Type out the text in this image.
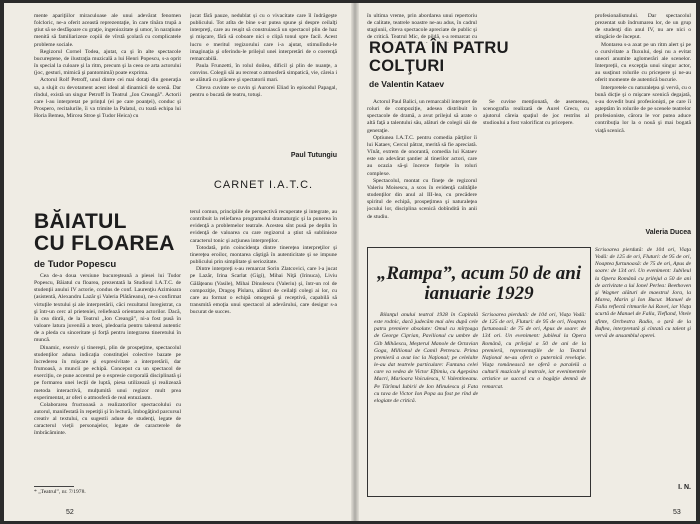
mente apariţiilor miraculoase ale unui adevărat fenomen folcloric, ne-a oferit această reprezentaţie, în care tînăra trupă a ştiut să se desfăşoare cu graţie, ingeniozitate şi umor, în narațiune menită să familiarizeze copiii de vîrstă şcolară cu complicatele probleme sociale.

Regizorul Cornel Todea, ajutat, ca şi în alte spectacole bucureştene, de ilustraţia muzicală a lui Henri Popescu, s-a oprit în special la culoare şi la ritm, precum şi la ceea ce arta actorului (joc, gesturi, mimică şi pantomimă) poate exprima.

Actorul Rolf Petroff, unul dintre cei mai dotaţi din generaţia sa, a slujit cu devotament acest ideal al dinamicii de scenă. Dar rîndul, există un singur Petroff în Teatrul „Ion Creangă”. Actorii care l-au interpretat pe prinţul (ei pe care poanţei), conduc şi Prospero, recitalurile, îi va trimite la Palatul, cu toată echipa lui Horia Bemea, Mircea Stroe şi Tudor Heica) cu

jucat fără pauze, nedublat și cu o vivacitate care îl îndrăgeşte publicului. Tot atîta de bine s-ar putea spune şi despre ceilalţi interpreţi, care au reuşit să construiască un spectacol plin de haz şi mişcare, fără să coboare nici o clipă tonul spre facil. Acest lucru e meritul regizorului care i-a ajutat, stimulîndu-le imaginaţia şi oferindu-le prilejul unei interpretări de o coerenţă remarcabilă.

Paula Frunzetti, în rolul doilea, dificil şi plin de nuanţe, a convins. Colegii săi au recreat o atmosferă simpatică, vie, căreia i se alătură cu plăcere şi spectatorii mari.

Cîteva cuvinte se cuvin şi Aurorei Eliad în episodul Papagal, pentru o bucată de teatru, totuşi.

Paul Tutungiu

CARNET I.A.T.C.

BĂIATUL

CU FLOAREA

de Tudor Popescu

Cea de-a doua versiune bucureşteană a piesei lui Tudor Popescu, Băiatul cu floarea, prezentată la Studioul I.A.T.C. de studenţii anului IV actorie, condus de conf. Laurenţiu Azimioara (asistentă, Alexandru Lazăr şi Valeria Plătăreanu), ne-a confirmat virtuţile textului şi ale interpretării, căci rezultatul înregistrat, ca şi într-un cerc al prieteniei, reliefează orientarea actorilor. Dacă, în cea dintîi, de la Teatrul „Ion Creangă”, ni-a fost pusă în valoare latura juvenilă a tezei, pledoaria pentru talentul autentic de a pleda cu sinceritate şi forţă pentru integrarea tineretului în muncă.

Dinamic, exersiv şi tinereşti, plin de prospeţime, spectacolul studenţilor aduna indicaţia constituţiei colective bazate pe încrederea în mişcare şi expresivitate a interpretării, dar frumoasă, a muncii pe echipă. Conceput ca un spectacol de exerciţiu, ce pune accentul pe o expresie corporală disciplinată şi pe formarea unei lecţii de luptă, piesa utilizează şi realizează metoda interactivă, mulţumită unui regizor mult prea experimentat, ar oferi o atmosferă de real entuziasm.

Colaborarea fructuoasă a realizatorilor spectacolului cu autorul, manifestată în repetiţii şi în lectură, îmbogăţind parcursul creativ al textului, cu sugestii aduse de studenţi, legate de caracterul vieţii personajelor, legate de caracterele de îmbrăcăminte.

* „Teatrul”, nr. 7/1978.

terul comun, principiile de perspectivă recuperate şi integrate, au contribuit la reliefarea programului dramaturgic şi la punerea în evidenţă a problemelor teatrale. Acestea sînt pusă pe deplin în evidenţă de valoarea cu care regizorul a ştiut să sublinieze caracterul tonic şi acţiunea interpreţilor.

Totodată, prin coincidenţa dintre tinereţea interpreţilor şi tinereţea eroilor, montarea câştigă în autenticitate şi se impune publicului prin simplitate şi seriozitate.

Dintre interpreţi s-au remarcat Sorin Zlatcovici, care l-a jucat pe Lazăr, Irina Scarlat (Gigi), Mihai Niţă (Irinuca), Liviu Gălăţeanu (Vasile), Mihai Dinulescu (Valeriu) şi, într-un rol de compoziţie, Dragoş Pîslaru, alături de ceilalţi colegi ai lor, cu care au format o echipă omogenă şi receptivă, capabilă să transmită emoţia unui spectacol al adevărului, care desigur s-a bucurat de succes.

52

în ultima vreme, prin abordarea unui repertoriu de calitate, teatrele noastre ne-au adus, în cadrul stagiunii, cîteva spectacole apreciate de public şi de critică. Teatrul Mic, de pildă, s-a remarcat cu

ROATA ÎN PATRU

COLŢURI

de Valentin Kataev

Actorul Paul Balici, un remarcabil interpret de roluri de compoziţie, adesea distribuit în spectacole de dramă, a avut prilejul să arate o altă faţă a talentului său, alături de colegii săi de generaţie.

Optiunea I.A.T.C. pentru comedia părţilor îi lui Kataev, Cercul pătrat, merită să fie apreciată. Vînăt, extrem de onorantă, comedia lui Kataev este un adevărat şantier al tinerilor actori, care au ocazia să-şi încerce forţele în roluri complexe.

Spectacolul, montat cu fineţe de regizorul Valeriu Moisescu, a scos în evidenţă calităţile studenţilor din anul al III-lea, cu precădere spiritul de echipă, prospeţimea şi naturaleţea jocului lor, disciplina scenică dobîndită în anii de studiu.

Se cuvine menţionată, de asemenea, scenografia realizată de Aurel Grecu, cu ajutorul căreia spaţiul de joc restrîns al studioului a fost valorificat cu pricepere.

profesionalismului. Dar spectacolul prezentat sub îndrumarea lor, de un grup de studenţi din anul IV, nu are nici o stîngăcie de început.

Montarea s-a axat pe un ritm alert şi pe o cursivitate a fluxului, deşi nu a evitat uneori anumite aglomerări ale scenelor. Interpreţii, cu excepţia unui singur actor, au susţinut rolurile cu pricepere şi ne-au oferit momente de autentică bucurie.

Interpretele cu naturaleţea şi vervă, cu o bună dicţie şi o mişcare scenică degajată, s-au dovedit buni profesionişti, pe care îi aşteptăm în rolurile de pe scenele teatrelor profesioniste, cărora le vor putea aduce contribuţia lor la o nouă şi mai bogată viaţă scenică.

Valeria Ducea

„Rampa”, acum 50 de ani

ianuarie 1929

Bilanţul anului teatral 1928 în Capitală este rodnic, dacă judecăm mai ales după cele patru premiere absolute: Omul cu mîrţoaga de George Ciprian, Pavilionul cu umbre de Gib Mihăescu, Meşterul Manole de Octavian Goga, Millionul de Camil Petrescu. Prima premieră a avut loc la Naţional; pe celelalte le-au dat teatrele particulare: Fantana celei care va vedea de Victor Eftimiu, cu Agepsina Macri, Marioara Voiculescu, V. Valentineanu. Pe Tărîmul Iubirii de Ion Minulescu şi Fata cu tava de Victor Ion Popa au fost pe rînd de elogiate de critică.

Scrisoarea pierdută: de 104 ori, Viaţa Vodă: de 125 de ori, Fluturi: de 95 de ori, Noaptea furtunoasă: de 75 de ori, Apus de soare: de 134 ori. Un eveniment: jubileul la Opera Română, cu prilejul a 50 de ani de la premieră, reprezentaţiile de la Teatrul Naţional ne-au oferit o puternică revelaţie. Viaţa românească ne oferă o paralelă a culturii muzicale şi teatrale, iar evenimentele artistice se succed cu o bogăţie demnă de remarcat.

Scrisoarea pierdută: de 104 ori, Viaţa Vodă: de 125 de ori, Fluturi: de 95 de ori, Noaptea furtunoasă: de 75 de ori, Apus de soare: de 134 ori. Un eveniment: Jubileul la Opera Română cu prilejul a 50 de ani de activitate a lui Ionel Perlea: Beethoven şi Wagner alături de maestrul Jora, la Marea, Marin şi Ion Bucur. Manuel de Falla reflectă ritmurile lui Ravel, iar Viaţa scurtă de Manuel de Falla, Tiefland, Vitele sfinte, Orchestra Radio, o ţară de la Buftea, interpretată şi cîntată cu talent şi vervă de ansamblul operei.

I. N.

53
